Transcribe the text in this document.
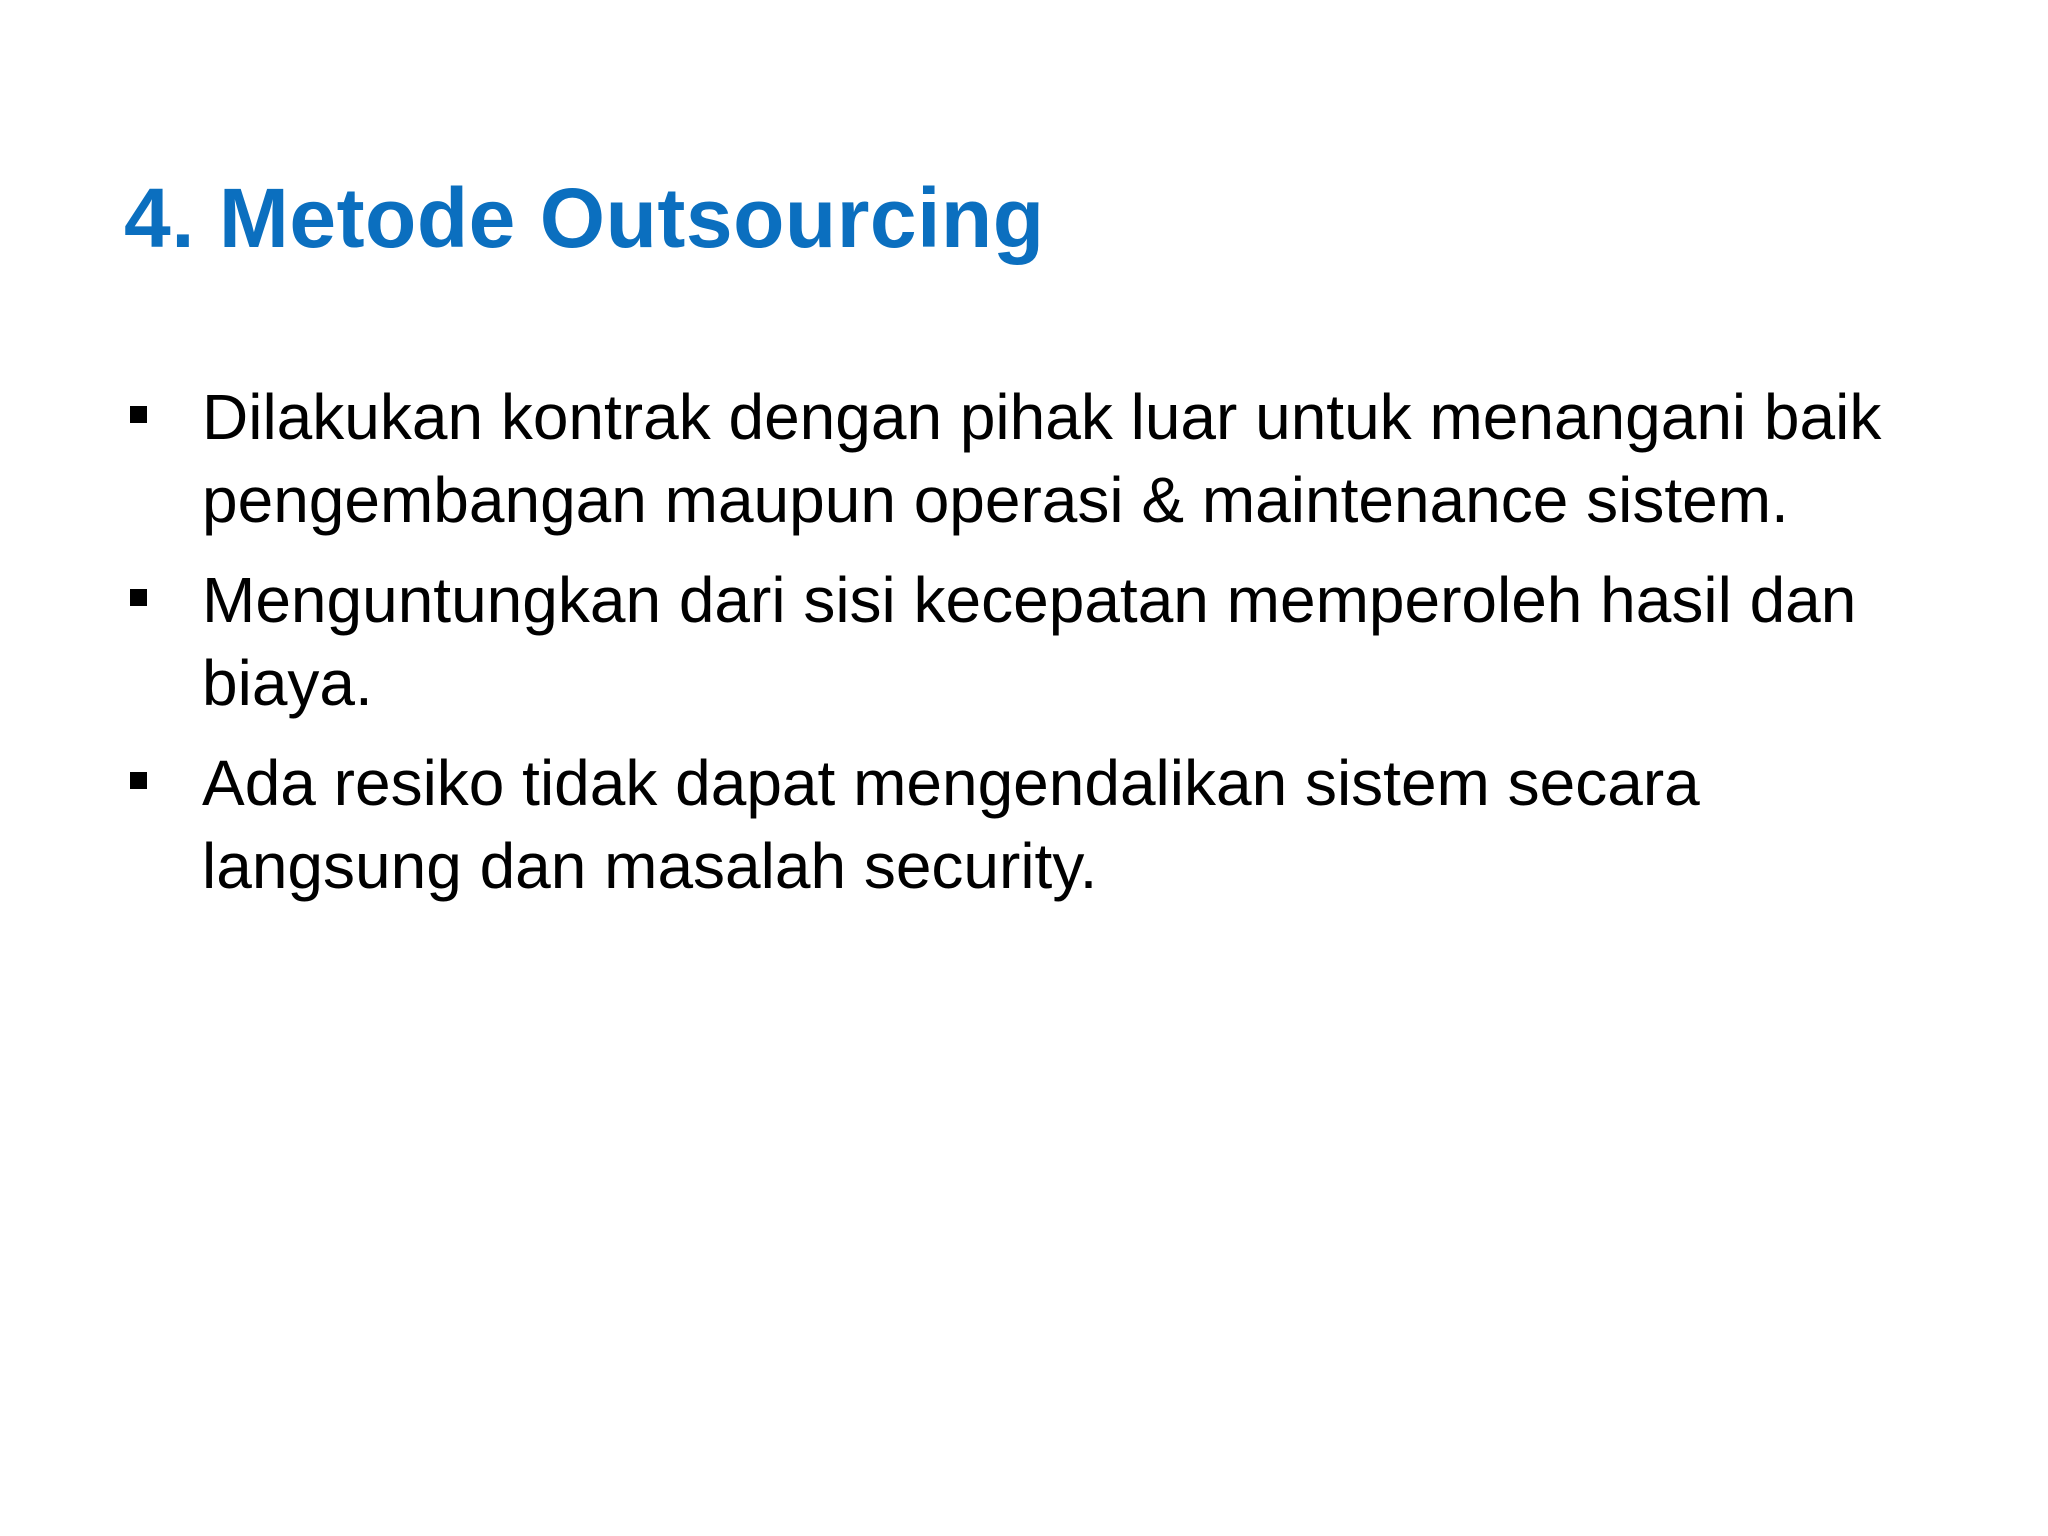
4. Metode Outsourcing
Dilakukan kontrak dengan pihak luar untuk menangani baik pengembangan maupun operasi & maintenance sistem.
Menguntungkan dari sisi kecepatan memperoleh hasil dan biaya.
Ada resiko tidak dapat mengendalikan sistem secara langsung dan masalah security.
